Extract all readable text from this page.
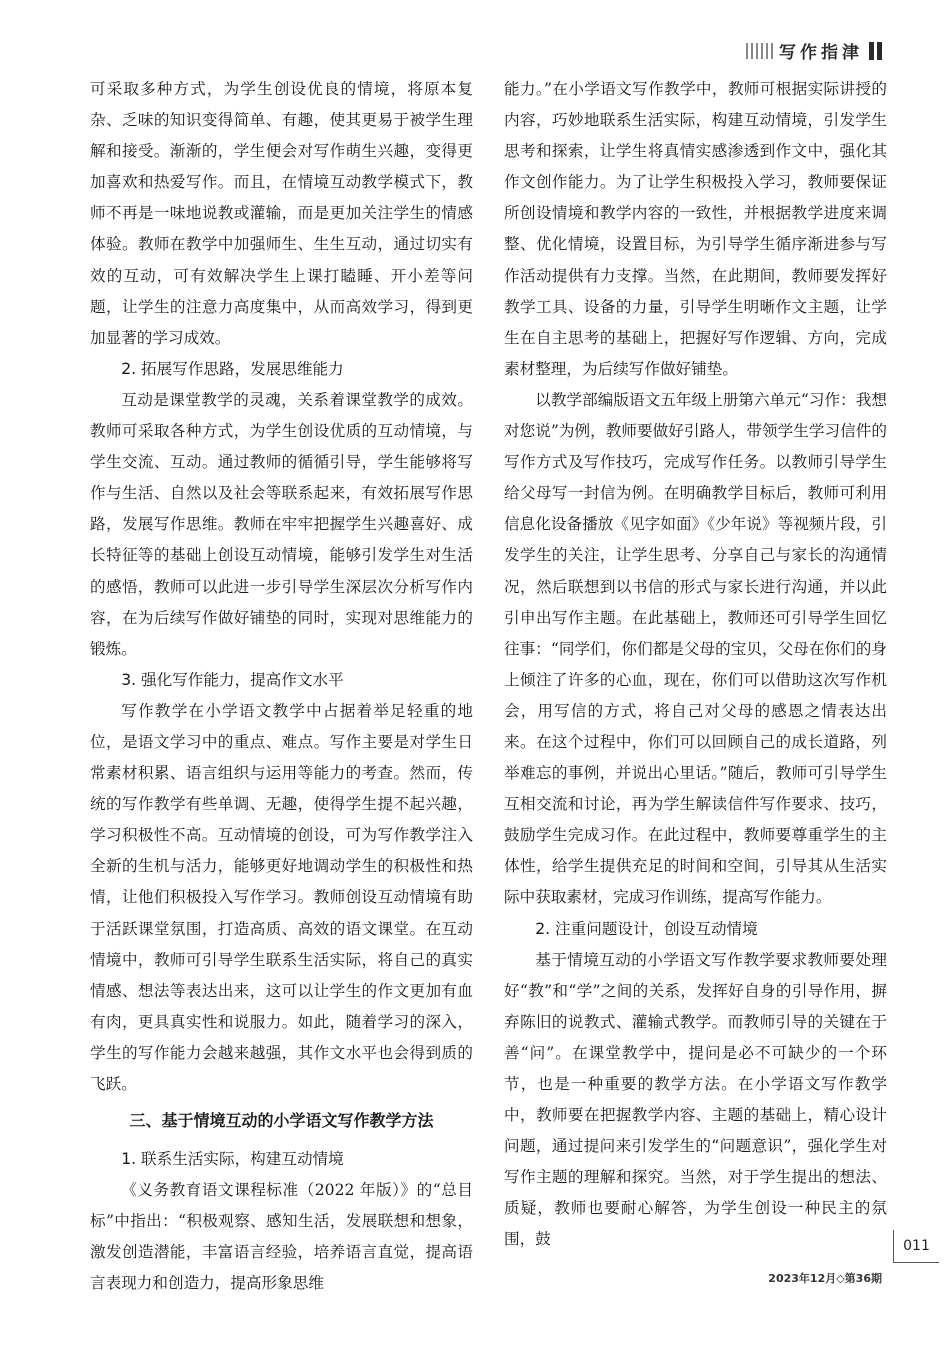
写作指津

可采取多种方式，为学生创设优良的情境，将原本复杂、乏味的知识变得简单、有趣，使其更易于被学生理解和接受。渐渐的，学生便会对写作萌生兴趣，变得更加喜欢和热爱写作。而且，在情境互动教学模式下，教师不再是一味地说教或灌输，而是更加关注学生的情感体验。教师在教学中加强师生、生生互动，通过切实有效的互动，可有效解决学生上课打瞌睡、开小差等问题，让学生的注意力高度集中，从而高效学习，得到更加显著的学习成效。

2. 拓展写作思路，发展思维能力

互动是课堂教学的灵魂，关系着课堂教学的成效。教师可采取各种方式，为学生创设优质的互动情境，与学生交流、互动。通过教师的循循引导，学生能够将写作与生活、自然以及社会等联系起来，有效拓展写作思路，发展写作思维。教师在牢牢把握学生兴趣喜好、成长特征等的基础上创设互动情境，能够引发学生对生活的感悟，教师可以此进一步引导学生深层次分析写作内容，在为后续写作做好铺垫的同时，实现对思维能力的锻炼。

3. 强化写作能力，提高作文水平

写作教学在小学语文教学中占据着举足轻重的地位，是语文学习中的重点、难点。写作主要是对学生日常素材积累、语言组织与运用等能力的考查。然而，传统的写作教学有些单调、无趣，使得学生提不起兴趣，学习积极性不高。互动情境的创设，可为写作教学注入全新的生机与活力，能够更好地调动学生的积极性和热情，让他们积极投入写作学习。教师创设互动情境有助于活跃课堂氛围，打造高质、高效的语文课堂。在互动情境中，教师可引导学生联系生活实际，将自己的真实情感、想法等表达出来，这可以让学生的作文更加有血有肉，更具真实性和说服力。如此，随着学习的深入，学生的写作能力会越来越强，其作文水平也会得到质的飞跃。

三、基于情境互动的小学语文写作教学方法
1. 联系生活实际，构建互动情境

《义务教育语文课程标准（2022 年版）》的“总目标”中指出：“积极观察、感知生活，发展联想和想象，激发创造潜能，丰富语言经验，培养语言直觉，提高语言表现力和创造力，提高形象思维

能力。”在小学语文写作教学中，教师可根据实际讲授的内容，巧妙地联系生活实际，构建互动情境，引发学生思考和探索，让学生将真情实感渗透到作文中，强化其作文创作能力。为了让学生积极投入学习，教师要保证所创设情境和教学内容的一致性，并根据教学进度来调整、优化情境，设置目标，为引导学生循序渐进参与写作活动提供有力支撑。当然，在此期间，教师要发挥好教学工具、设备的力量，引导学生明晰作文主题，让学生在自主思考的基础上，把握好写作逻辑、方向，完成素材整理，为后续写作做好铺垫。

以教学部编版语文五年级上册第六单元“习作：我想对您说”为例，教师要做好引路人，带领学生学习信件的写作方式及写作技巧，完成写作任务。以教师引导学生给父母写一封信为例。在明确教学目标后，教师可利用信息化设备播放《见字如面》《少年说》等视频片段，引发学生的关注，让学生思考、分享自己与家长的沟通情况，然后联想到以书信的形式与家长进行沟通，并以此引申出写作主题。在此基础上，教师还可引导学生回忆往事：“同学们，你们都是父母的宝贝，父母在你们的身上倾注了许多的心血，现在，你们可以借助这次写作机会，用写信的方式，将自己对父母的感恩之情表达出来。在这个过程中，你们可以回顾自己的成长道路，列举难忘的事例，并说出心里话。”随后，教师可引导学生互相交流和讨论，再为学生解读信件写作要求、技巧，鼓励学生完成习作。在此过程中，教师要尊重学生的主体性，给学生提供充足的时间和空间，引导其从生活实际中获取素材，完成习作训练，提高写作能力。

2. 注重问题设计，创设互动情境

基于情境互动的小学语文写作教学要求教师要处理好“教”和“学”之间的关系，发挥好自身的引导作用，摒弃陈旧的说教式、灌输式教学。而教师引导的关键在于善“问”。在课堂教学中，提问是必不可缺少的一个环节，也是一种重要的教学方法。在小学语文写作教学中，教师要在把握教学内容、主题的基础上，精心设计问题，通过提问来引发学生的“问题意识”，强化学生对写作主题的理解和探究。当然，对于学生提出的想法、质疑，教师也要耐心解答，为学生创设一种民主的氛围，鼓	011
2023年12月◇第36期
